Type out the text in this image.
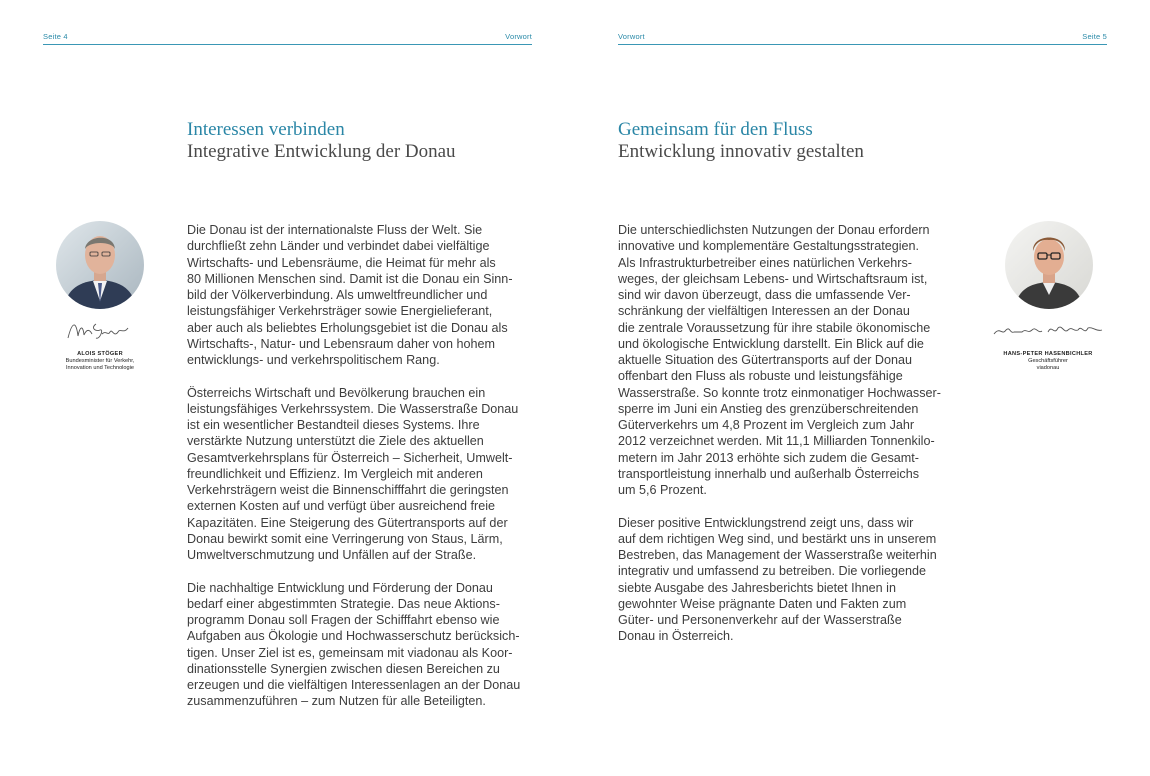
Seite 4	Vorwort
Interessen verbinden
Integrative Entwicklung der Donau
ALOIS STÖGER
Bundesminister für Verkehr,
Innovation und Technologie

Die Donau ist der internationalste Fluss der Welt. Sie
durchfließt zehn Länder und verbindet dabei vielfältige
Wirtschafts- und Lebensräume, die Heimat für mehr als
80 Millionen Menschen sind. Damit ist die Donau ein Sinn-
bild der Völkerverbindung. Als umweltfreundlicher und
leistungsfähiger Verkehrsträger sowie Energielieferant,
aber auch als beliebtes Erholungsgebiet ist die Donau als
Wirtschafts-, Natur- und Lebensraum daher von hohem
entwicklungs- und verkehrspolitischem Rang.

Österreichs Wirtschaft und Bevölkerung brauchen ein
leistungsfähiges Verkehrssystem. Die Wasserstraße Donau
ist ein wesentlicher Bestandteil dieses Systems. Ihre
verstärkte Nutzung unterstützt die Ziele des aktuellen
Gesamtverkehrsplans für Österreich – Sicherheit, Umwelt-
freundlichkeit und Effizienz. Im Vergleich mit anderen
Verkehrsträgern weist die Binnenschifffahrt die geringsten
externen Kosten auf und verfügt über ausreichend freie
Kapazitäten. Eine Steigerung des Gütertransports auf der
Donau bewirkt somit eine Verringerung von Staus, Lärm,
Umweltverschmutzung und Unfällen auf der Straße.

Die nachhaltige Entwicklung und Förderung der Donau
bedarf einer abgestimmten Strategie. Das neue Aktions-
programm Donau soll Fragen der Schifffahrt ebenso wie
Aufgaben aus Ökologie und Hochwasserschutz berücksich-
tigen. Unser Ziel ist es, gemeinsam mit viadonau als Koor-
dinationsstelle Synergien zwischen diesen Bereichen zu
erzeugen und die vielfältigen Interessenlagen an der Donau
zusammenzuführen – zum Nutzen für alle Beteiligten.

Vorwort	Seite 5
Gemeinsam für den Fluss
Entwicklung innovativ gestalten

Die unterschiedlichsten Nutzungen der Donau erfordern
innovative und komplementäre Gestaltungsstrategien.
Als Infrastrukturbetreiber eines natürlichen Verkehrs-
weges, der gleichsam Lebens- und Wirtschaftsraum ist,
sind wir davon überzeugt, dass die umfassende Ver-
schränkung der vielfältigen Interessen an der Donau
die zentrale Voraussetzung für ihre stabile ökonomische
und ökologische Entwicklung darstellt. Ein Blick auf die
aktuelle Situation des Gütertransports auf der Donau
offenbart den Fluss als robuste und leistungsfähige
Wasserstraße. So konnte trotz einmonatiger Hochwasser-
sperre im Juni ein Anstieg des grenzüberschreitenden
Güterverkehrs um 4,8 Prozent im Vergleich zum Jahr
2012 verzeichnet werden. Mit 11,1 Milliarden Tonnenkilo-
metern im Jahr 2013 erhöhte sich zudem die Gesamt-
transportleistung innerhalb und außerhalb Österreichs
um 5,6 Prozent.

Dieser positive Entwicklungstrend zeigt uns, dass wir
auf dem richtigen Weg sind, und bestärkt uns in unserem
Bestreben, das Management der Wasserstraße weiterhin
integrativ und umfassend zu betreiben. Die vorliegende
siebte Ausgabe des Jahresberichts bietet Ihnen in
gewohnter Weise prägnante Daten und Fakten zum
Güter- und Personenverkehr auf der Wasserstraße
Donau in Österreich.

HANS-PETER HASENBICHLER
Geschäftsführer
viadonau
